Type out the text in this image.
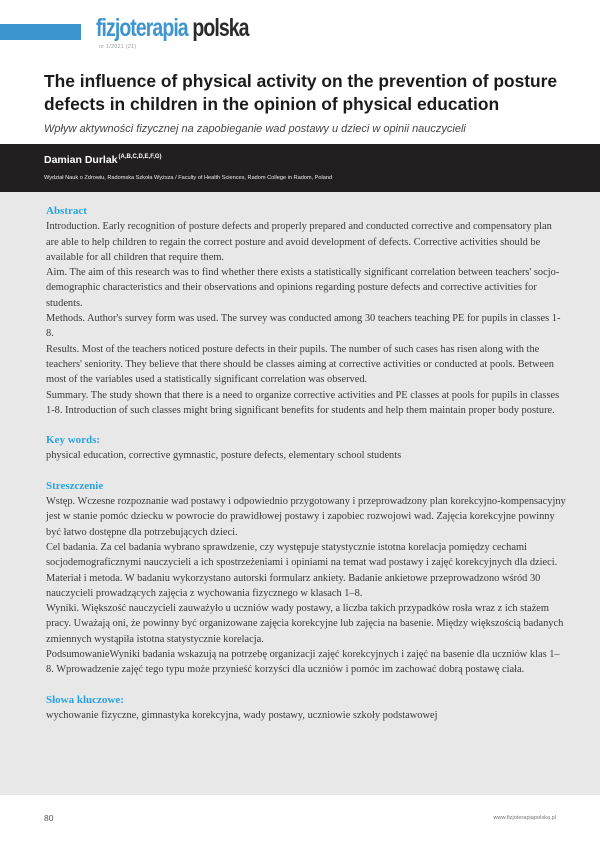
fizjoterapia polska
nr 1/2021 (21)
The influence of physical activity on the prevention of posture defects in children in the opinion of physical education
Wpływ aktywności fizycznej na zapobieganie wad postawy u dzieci w opinii nauczycieli
Damian Durlak$^{(A,B,C,D,E,F,G)}$
Wydział Nauk o Zdrowiu, Radomska Szkoła Wyższa / Faculty of Health Sciences, Radom College in Radom, Poland
Abstract
Introduction. Early recognition of posture defects and properly prepared and conducted corrective and compensatory plan are able to help children to regain the correct posture and avoid development of defects. Corrective activities should be available for all children that require them.
Aim. The aim of this research was to find whether there exists a statistically significant correlation between teachers' socjo-demographic characteristics and their observations and opinions regarding posture defects and corrective activities for students.
Methods. Author's survey form was used. The survey was conducted among 30 teachers teaching PE for pupils in classes 1-8.
Results. Most of the teachers noticed posture defects in their pupils. The number of such cases has risen along with the teachers' seniority. They believe that there should be classes aiming at corrective activities or conducted at pools. Between most of the variables used a statistically significant correlation was observed.
Summary. The study shown that there is a need to organize corrective activities and PE classes at pools for pupils in classes 1-8. Introduction of such classes might bring significant benefits for students and help them maintain proper body posture.
Key words:
physical education, corrective gymnastic, posture defects, elementary school students
Streszczenie
Wstęp. Wczesne rozpoznanie wad postawy i odpowiednio przygotowany i przeprowadzony plan korekcyjno-kompensacyjny jest w stanie pomóc dziecku w powrocie do prawidłowej postawy i zapobiec rozwojowi wad. Zajęcia korekcyjne powinny być łatwo dostępne dla potrzebujących dzieci.
Cel badania. Za cel badania wybrano sprawdzenie, czy występuje statystycznie istotna korelacja pomiędzy cechami socjodemograficznymi nauczycieli a ich spostrzeżeniami i opiniami na temat wad postawy i zajęć korekcyjnych dla dzieci.
Materiał i metoda. W badaniu wykorzystano autorski formularz ankiety. Badanie ankietowe przeprowadzono wśród 30 nauczycieli prowadzących zajęcia z wychowania fizycznego w klasach 1–8.
Wyniki. Większość nauczycieli zauważyło u uczniów wady postawy, a liczba takich przypadków rosła wraz z ich stażem pracy. Uważają oni, że powinny być organizowane zajęcia korekcyjne lub zajęcia na basenie. Między większością badanych zmiennych wystąpiła istotna statystycznie korelacja.
PodsumowanieWyniki badania wskazują na potrzebę organizacji zajęć korekcyjnych i zajęć na basenie dla uczniów klas 1–8. Wprowadzenie zajęć tego typu może przynieść korzyści dla uczniów i pomóc im zachować dobrą postawę ciała.
Słowa kluczowe:
wychowanie fizyczne, gimnastyka korekcyjna, wady postawy, uczniowie szkoły podstawowej
80	www.fizjoterapiapolska.pl
